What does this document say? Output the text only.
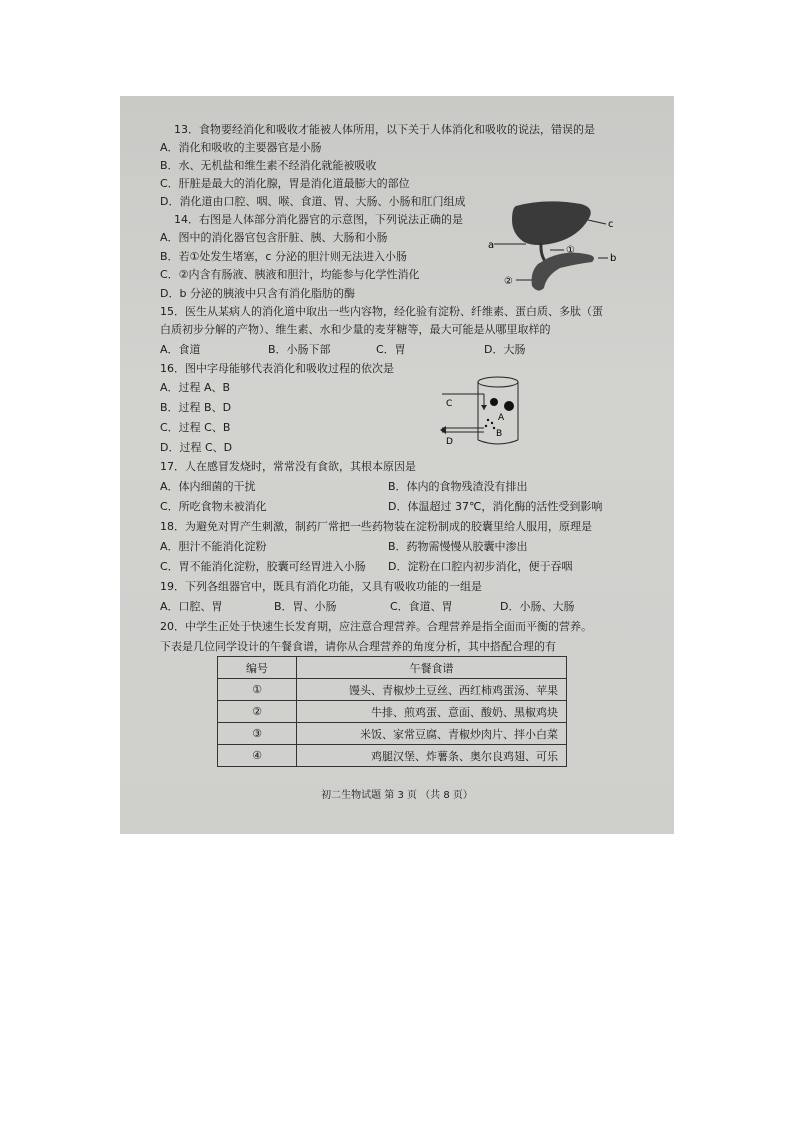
13．食物要经消化和吸收才能被人体所用，以下关于人体消化和吸收的说法，错误的是
A．消化和吸收的主要器官是小肠
B．水、无机盐和维生素不经消化就能被吸收
C．肝脏是最大的消化腺，胃是消化道最膨大的部位
D．消化道由口腔、咽、喉、食道、胃、大肠、小肠和肛门组成
14．右图是人体部分消化器官的示意图，下列说法正确的是
A．图中的消化器官包含肝脏、胰、大肠和小肠
B．若①处发生堵塞，c 分泌的胆汁则无法进入小肠
C．②内含有肠液、胰液和胆汁，均能参与化学性消化
D．b 分泌的胰液中只含有消化脂肪的酶
a
c
b
①
②
15．医生从某病人的消化道中取出一些内容物，经化验有淀粉、纤维素、蛋白质、多肽（蛋
白质初步分解的产物）、维生素、水和少量的麦芽糖等，最大可能是从哪里取样的
A．食道	B．小肠下部	C．胃	D．大肠
16．图中字母能够代表消化和吸收过程的依次是
A．过程 A、B
B．过程 B、D
C．过程 C、B
D．过程 C、D
C
A
B
D
17．人在感冒发烧时，常常没有食欲，其根本原因是
A．体内细菌的干扰	B．体内的食物残渣没有排出
C．所吃食物未被消化	D．体温超过 37℃，消化酶的活性受到影响
18．为避免对胃产生刺激，制药厂常把一些药物装在淀粉制成的胶囊里给人服用，原理是
A．胆汁不能消化淀粉	B．药物需慢慢从胶囊中渗出
C．胃不能消化淀粉，胶囊可经胃进入小肠 D．淀粉在口腔内初步消化，便于吞咽
19．下列各组器官中，既具有消化功能，又具有吸收功能的一组是
A．口腔、胃	B．胃、小肠	C．食道、胃	D．小肠、大肠
20．中学生正处于快速生长发育期，应注意合理营养。合理营养是指全面而平衡的营养。
下表是几位同学设计的午餐食谱，请你从合理营养的角度分析，其中搭配合理的有
编号	午餐食谱
①	馒头、青椒炒土豆丝、西红柿鸡蛋汤、苹果
②	牛排、煎鸡蛋、意面、酸奶、黑椒鸡块
③	米饭、家常豆腐、青椒炒肉片、拌小白菜
④	鸡腿汉堡、炸薯条、奥尔良鸡翅、可乐
初二生物试题 第 3 页 （共 8 页）
